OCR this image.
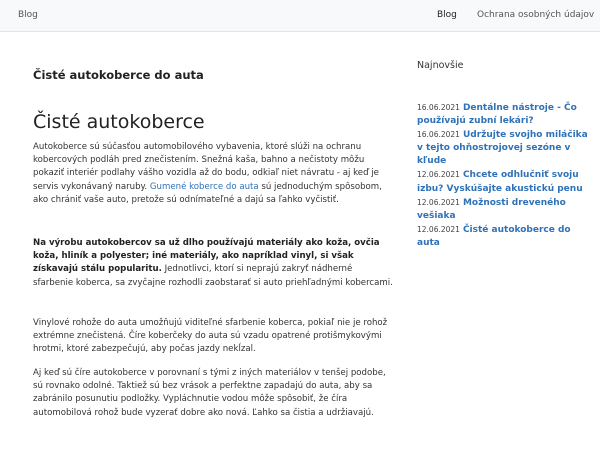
Blog	Blog Ochrana osobných údajov
Čisté autokoberce do auta
Čisté autokoberce

Autokoberce sú súčasťou automobilového vybavenia, ktoré slúži na ochranu kobercových podláh pred znečistením. Snežná kaša, bahno a nečistoty môžu pokaziť interiér podlahy vášho vozidla až do bodu, odkiaľ niet návratu - aj keď je servis vykonávaný naruby. Gumené koberce do auta sú jednoduchým spôsobom, ako chrániť vaše auto, pretože sú odnímateľné a dajú sa ľahko vyčistiť.

Na výrobu autokobercov sa už dlho používajú materiály ako koža, ovčia koža, hliník a polyester; iné materiály, ako napríklad vinyl, si však získavajú stálu popularitu. Jednotlivci, ktorí si neprajú zakryť nádherné sfarbenie koberca, sa zvyčajne rozhodli zaobstarať si auto priehľadnými kobercami.

Vinylové rohože do auta umožňujú viditeľné sfarbenie koberca, pokiaľ nie je rohož extrémne znečistená. Číre koberčeky do auta sú vzadu opatrené protišmykovými hrotmi, ktoré zabezpečujú, aby počas jazdy nekĺzal.

Aj keď sú číre autokoberce v porovnaní s tými z iných materiálov v tenšej podobe, sú rovnako odolné. Taktiež sú bez vrások a perfektne zapadajú do auta, aby sa zabránilo posunutiu podložky. Vypláchnutie vodou môže spôsobiť, že číra automobilová rohož bude vyzerať dobre ako nová. Ľahko sa čistia a udržiavajú.

Najnovšie
16.06.2021 Dentálne nástroje - Čo používajú zubní lekári?
16.06.2021 Udržujte svojho miláčika v tejto ohňostrojovej sezóne v kľude
12.06.2021 Chcete odhlučniť svoju izbu? Vyskúšajte akustickú penu
12.06.2021 Možnosti dreveného vešiaka
12.06.2021 Čisté autokoberce do auta
